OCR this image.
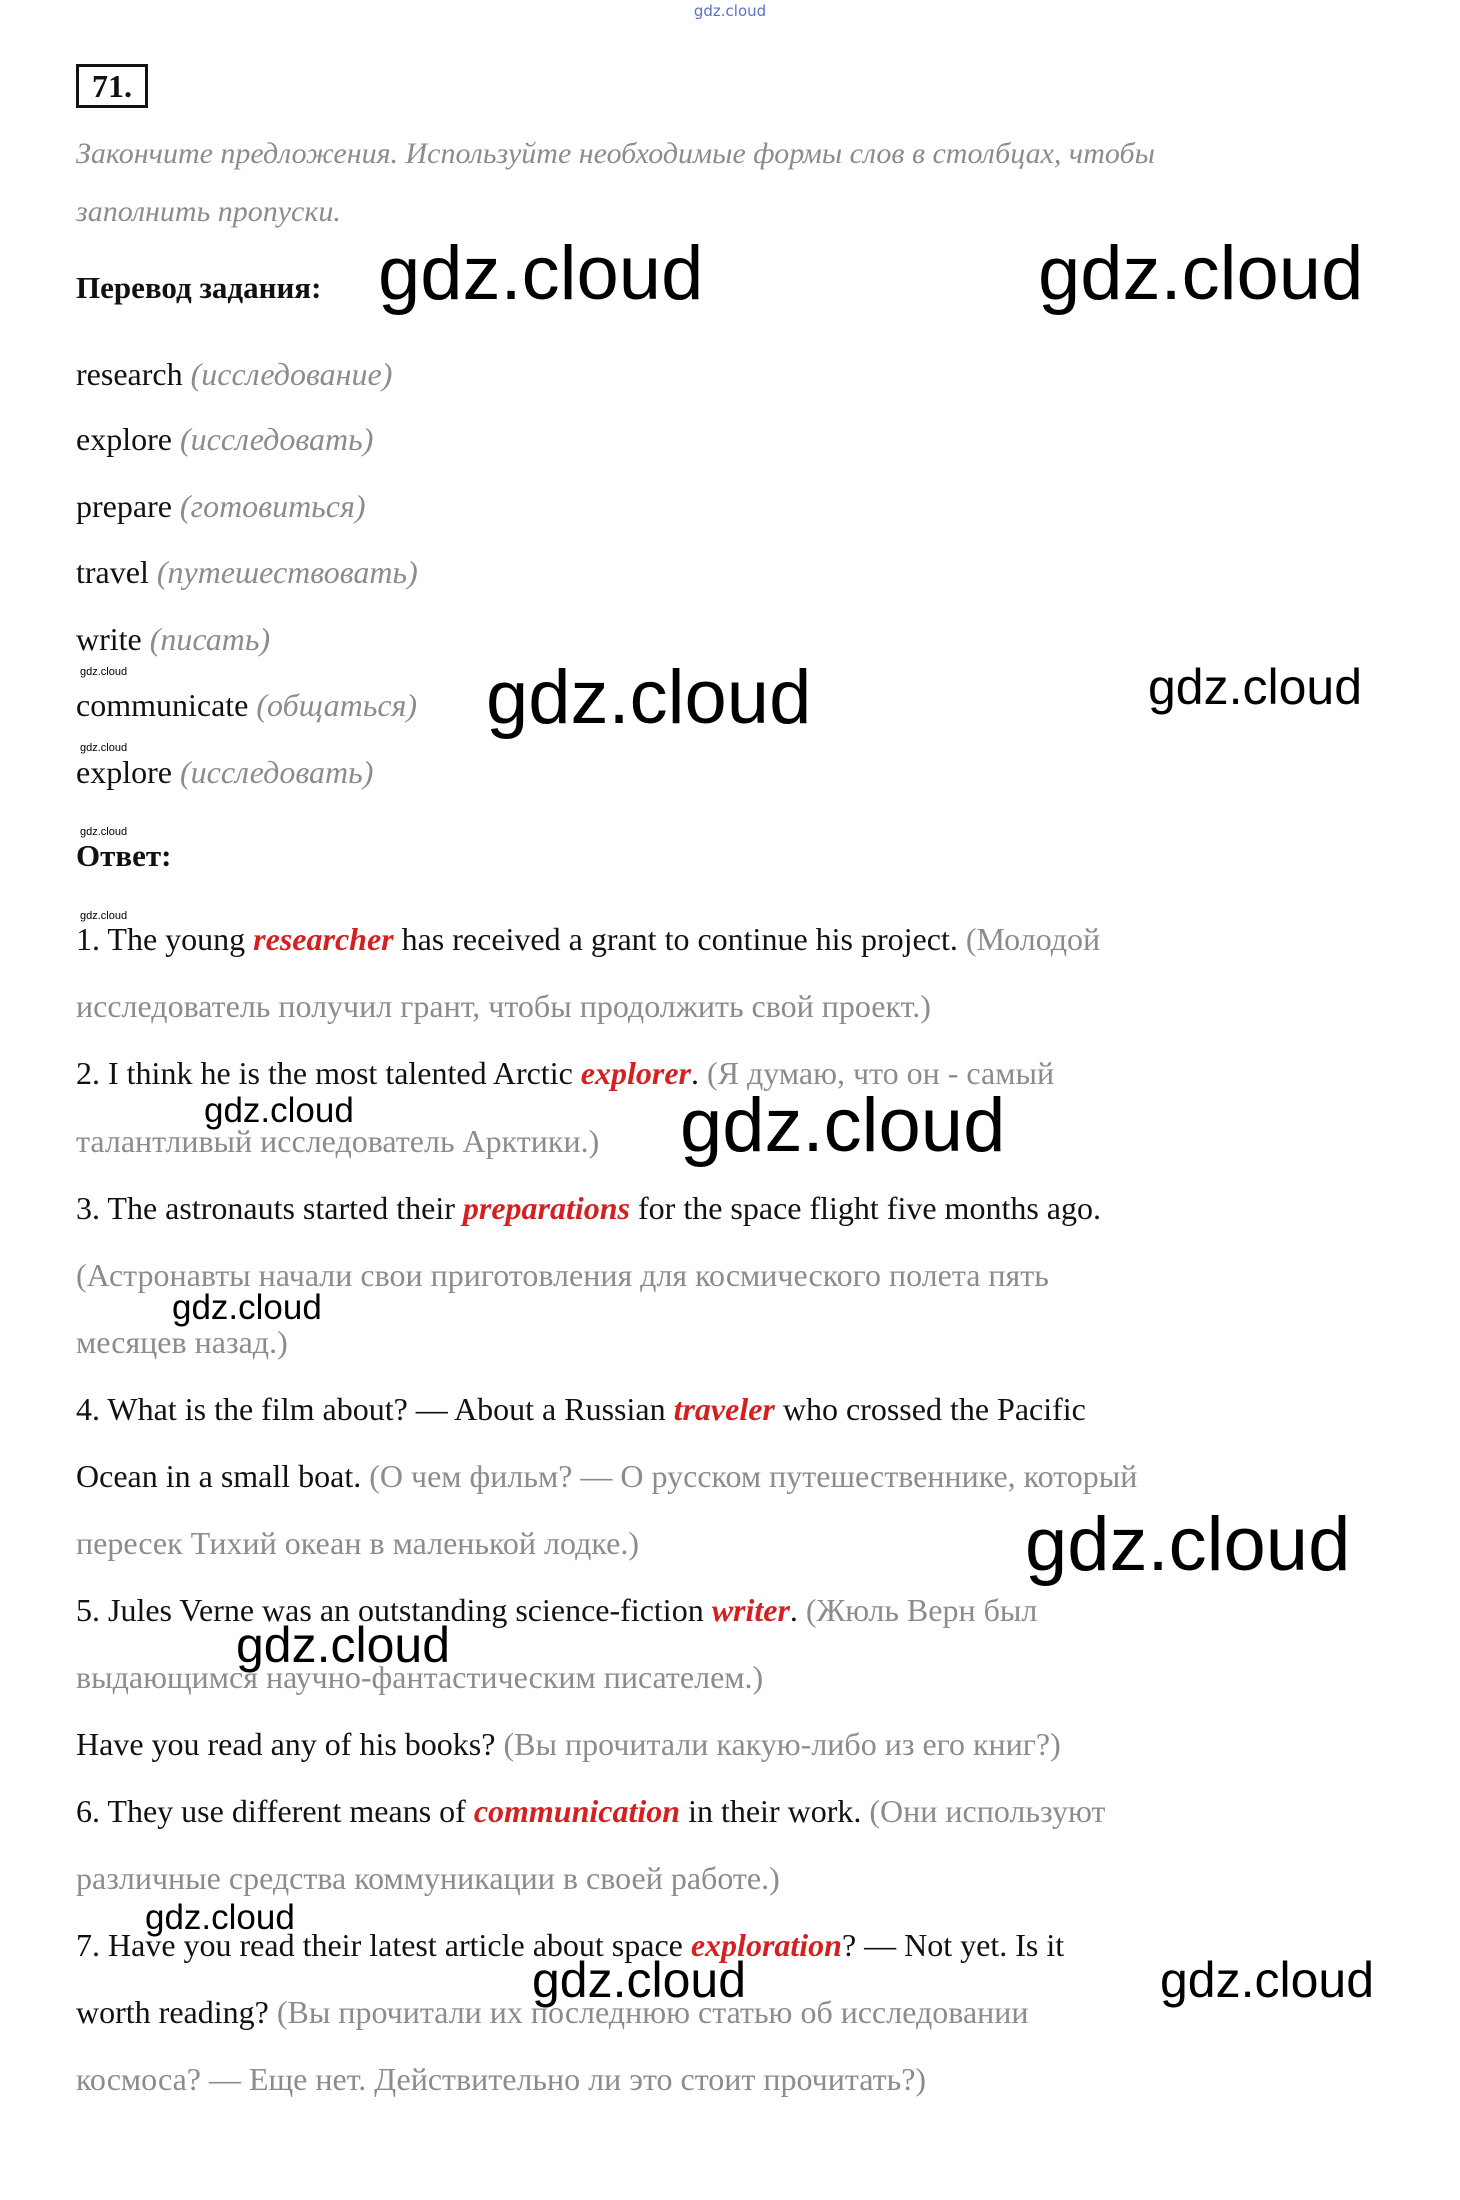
gdz.cloud
71.
Закончите предложения. Используйте необходимые формы слов в столбцах, чтобы
заполнить пропуски.
Перевод задания:
research (исследование)
explore (исследовать)
prepare (готовиться)
travel (путешествовать)
write (писать)
communicate (общаться)
explore (исследовать)
Ответ:
1. The young researcher has received a grant to continue his project. (Молодой
исследователь получил грант, чтобы продолжить свой проект.)
2. I think he is the most talented Arctic explorer. (Я думаю, что он - самый
талантливый исследователь Арктики.)
3. The astronauts started their preparations for the space flight five months ago.
(Астронавты начали свои приготовления для космического полета пять
месяцев назад.)
4. What is the film about? — About a Russian traveler who crossed the Pacific
Ocean in a small boat. (О чем фильм? — О русском путешественнике, который
пересек Тихий океан в маленькой лодке.)
5. Jules Verne was an outstanding science-fiction writer. (Жюль Верн был
выдающимся научно-фантастическим писателем.)
Have you read any of his books? (Вы прочитали какую-либо из его книг?)
6. They use different means of communication in their work. (Они используют
различные средства коммуникации в своей работе.)
7. Have you read their latest article about space exploration? — Not yet. Is it
worth reading? (Вы прочитали их последнюю статью об исследовании
космоса? — Еще нет. Действительно ли это стоит прочитать?)
gdz.cloud	gdz.cloud
gdz.cloud	gdz.cloud	gdz.cloud
gdz.cloud
gdz.cloud
gdz.cloud
gdz.cloud	gdz.cloud
gdz.cloud
gdz.cloud
gdz.cloud
gdz.cloud
gdz.cloud	gdz.cloud
